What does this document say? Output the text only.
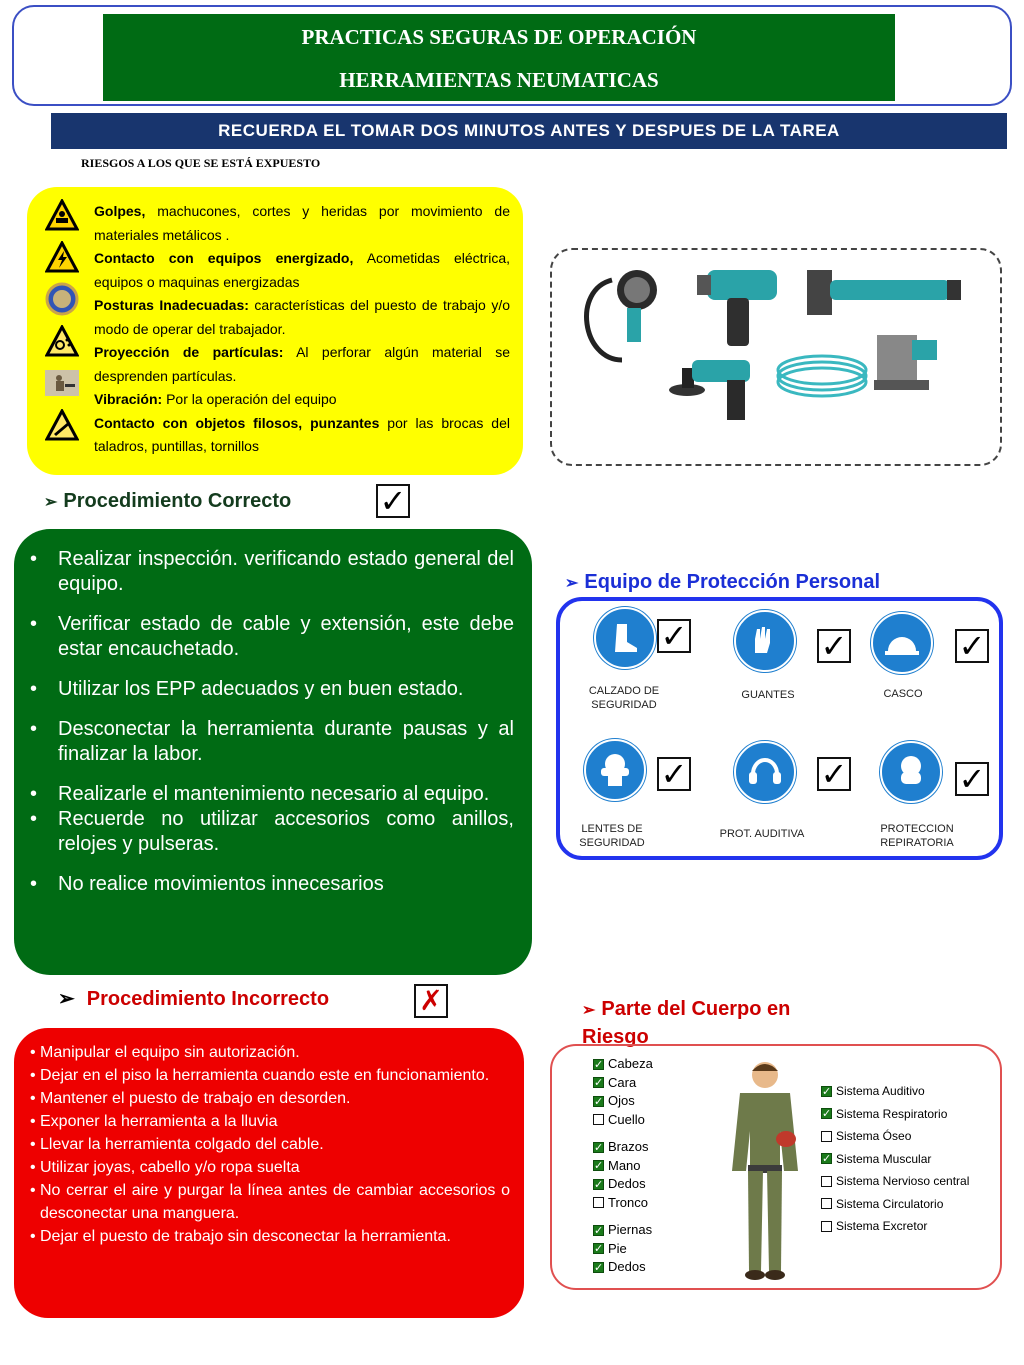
PRACTICAS SEGURAS DE OPERACIÓN
HERRAMIENTAS NEUMATICAS
RECUERDA EL TOMAR DOS MINUTOS ANTES Y DESPUES DE LA TAREA
RIESGOS A LOS QUE SE ESTÁ EXPUESTO
Golpes, machucones, cortes y heridas por movimiento de materiales metálicos .
Contacto con equipos energizado, Acometidas eléctrica, equipos o maquinas energizadas
Posturas Inadecuadas: características del puesto de trabajo y/o modo de operar del trabajador.
Proyección de partículas: Al perforar algún material se desprenden partículas.
Vibración: Por la operación del equipo
Contacto con objetos filosos, punzantes por las brocas del taladros, puntillas, tornillos
➢ Procedimiento Correcto	✓
• Realizar inspección. verificando estado general del equipo.
• Verificar estado de cable y extensión, este debe estar encauchetado.
• Utilizar los EPP adecuados y en buen estado.
• Desconectar la herramienta durante pausas y al finalizar la labor.
• Realizarle el mantenimiento necesario al equipo.
• Recuerde no utilizar accesorios como anillos, relojes y pulseras.
• No realice movimientos innecesarios
➢ Equipo de Protección Personal
✓
CALZADO DE SEGURIDAD
✓
GUANTES
✓
CASCO
✓
LENTES DE SEGURIDAD
✓
PROT. AUDITIVA
✓
PROTECCION REPIRATORIA
➢ Procedimiento Incorrecto	✗
• Manipular el equipo sin autorización.
• Dejar en el piso la herramienta cuando este en funcionamiento.
• Mantener el puesto de trabajo en desorden.
• Exponer la herramienta a la lluvia
• Llevar la herramienta colgado del cable.
• Utilizar joyas, cabello y/o ropa suelta
• No cerrar el aire y purgar la línea antes de cambiar accesorios o desconectar una manguera.
• Dejar el puesto de trabajo sin desconectar la herramienta.
➢ Parte del Cuerpo en
Riesgo
✓ Cabeza
✓ Cara
✓ Ojos
Cuello
✓ Brazos
✓ Mano
✓ Dedos
Tronco
✓ Piernas
✓ Pie
✓ Dedos
✓ Sistema Auditivo
✓ Sistema Respiratorio
Sistema Óseo
✓ Sistema Muscular
Sistema Nervioso central
Sistema Circulatorio
Sistema Excretor
